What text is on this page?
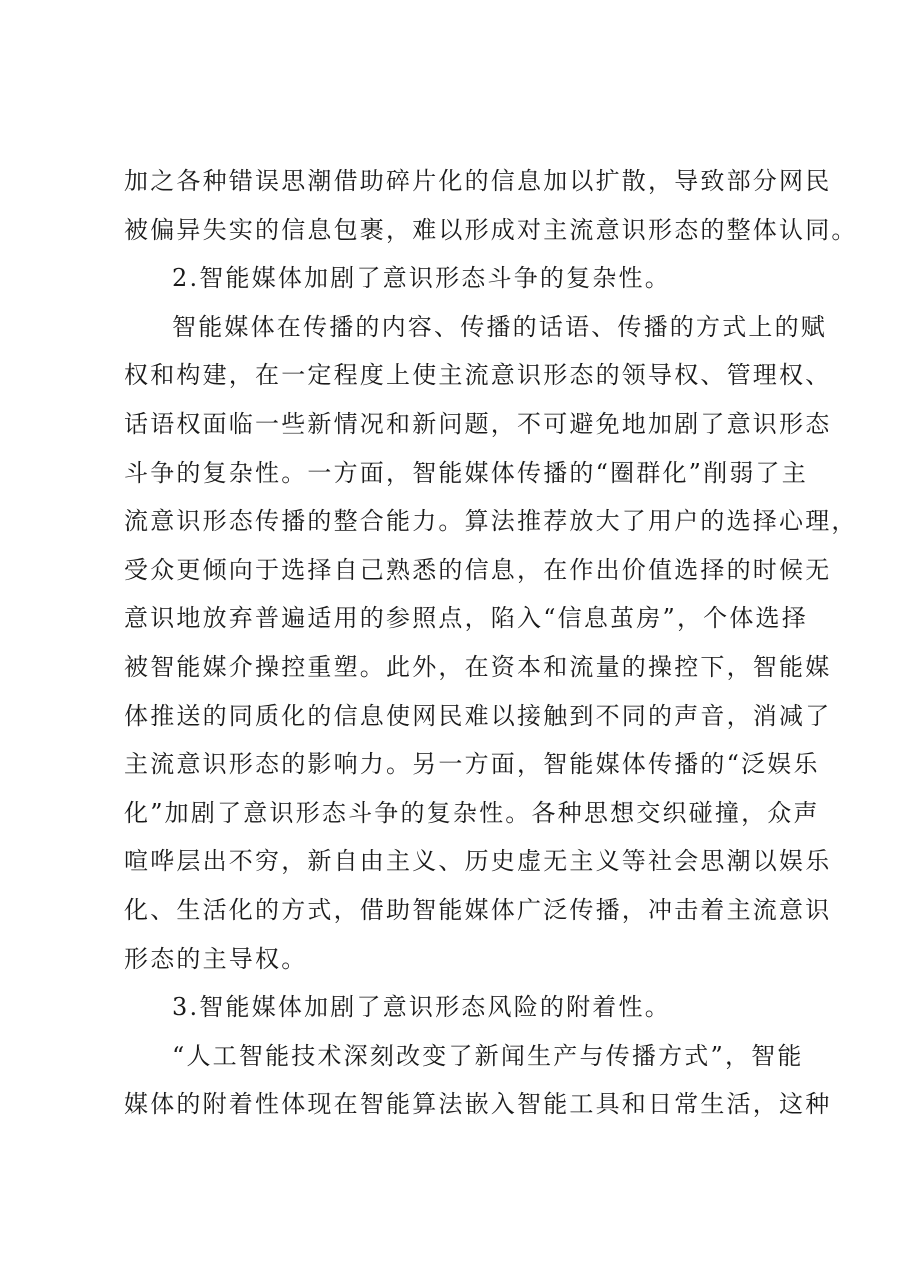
加之各种错误思潮借助碎片化的信息加以扩散，导致部分网民
被偏异失实的信息包裹，难以形成对主流意识形态的整体认同。
2.智能媒体加剧了意识形态斗争的复杂性。
智能媒体在传播的内容、传播的话语、传播的方式上的赋
权和构建，在一定程度上使主流意识形态的领导权、管理权、
话语权面临一些新情况和新问题，不可避免地加剧了意识形态
斗争的复杂性。一方面，智能媒体传播的“圈群化”削弱了主
流意识形态传播的整合能力。算法推荐放大了用户的选择心理，
受众更倾向于选择自己熟悉的信息，在作出价值选择的时候无
意识地放弃普遍适用的参照点，陷入“信息茧房”，个体选择
被智能媒介操控重塑。此外，在资本和流量的操控下，智能媒
体推送的同质化的信息使网民难以接触到不同的声音，消减了
主流意识形态的影响力。另一方面，智能媒体传播的“泛娱乐
化”加剧了意识形态斗争的复杂性。各种思想交织碰撞，众声
喧哗层出不穷，新自由主义、历史虚无主义等社会思潮以娱乐
化、生活化的方式，借助智能媒体广泛传播，冲击着主流意识
形态的主导权。
3.智能媒体加剧了意识形态风险的附着性。
“人工智能技术深刻改变了新闻生产与传播方式”，智能
媒体的附着性体现在智能算法嵌入智能工具和日常生活，这种
